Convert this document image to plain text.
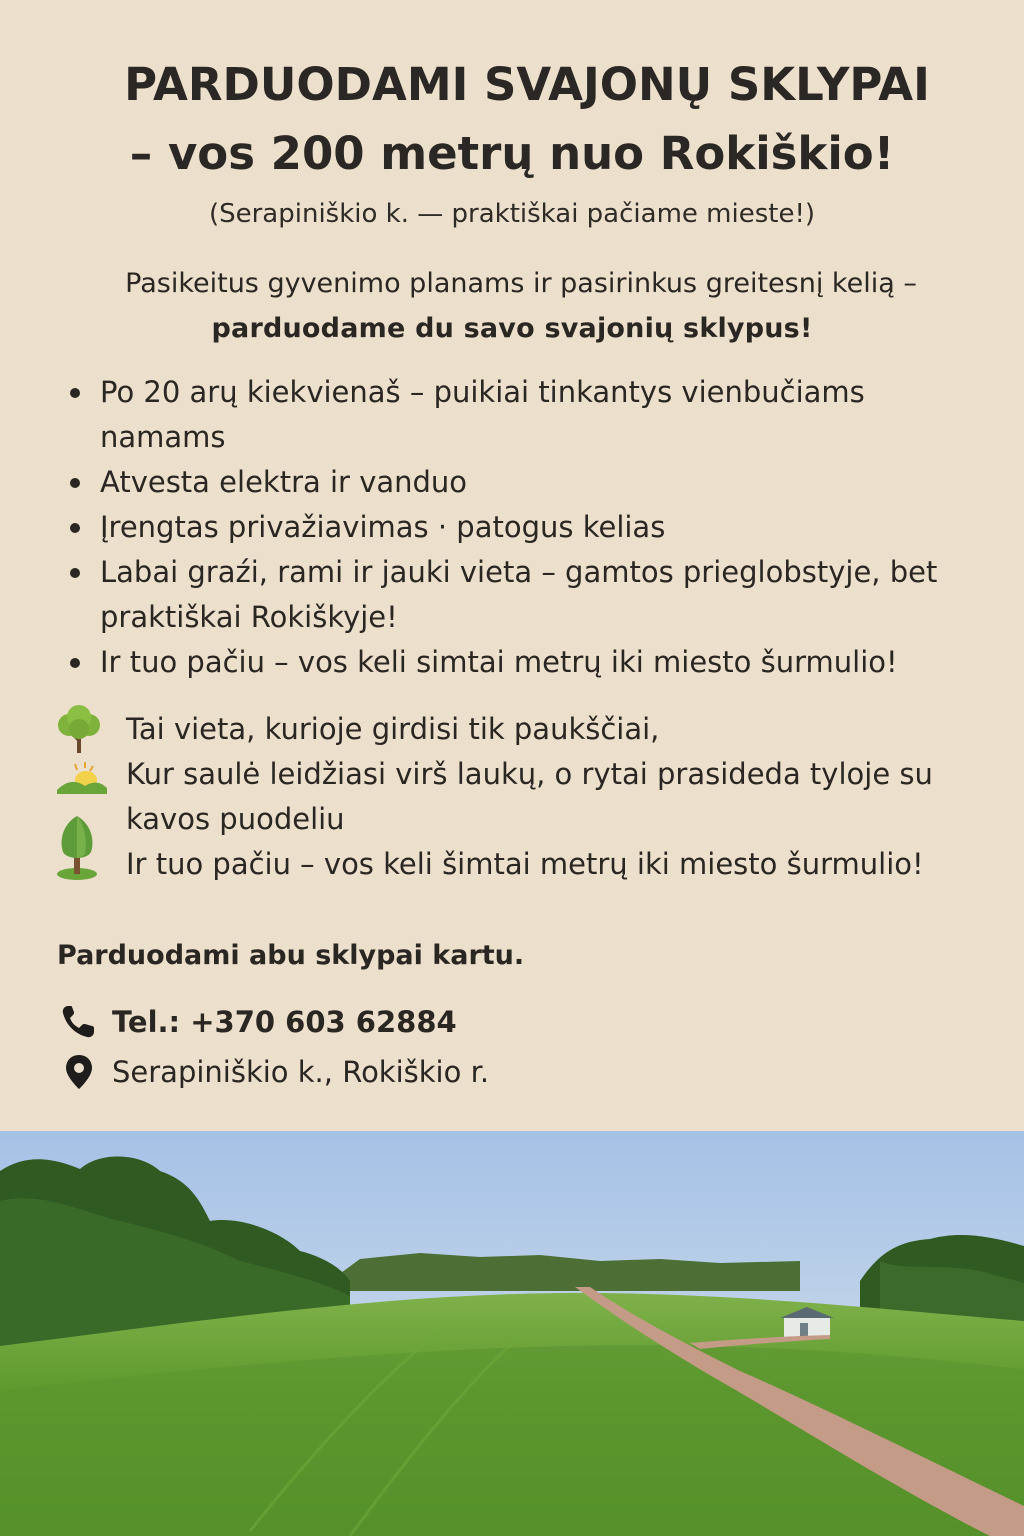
PARDUODAMI SVAJONŲ SKLYPAI
– vos 200 metrų nuo Rokiškio!
(Serapiniškio k. — praktiškai pačiame mieste!)
Pasikeitus gyvenimo planams ir pasirinkus greitesnį kelią –
parduodame du savo svajonių sklypus!
Po 20 arų kiekvienaš – puikiai tinkantys vienbučiams namams
Atvesta elektra ir vanduo
Įrengtas privažiavimas · patogus kelias
Labai graźi, rami ir jauki vieta – gamtos prieglobstyje, bet praktiškai Rokiškyje!
Ir tuo pačiu – vos keli simtai metrų iki miesto šurmulio!
Tai vieta, kurioje girdisi tik paukščiai,
Kur saulė leidžiasi virš laukų, o rytai prasideda tyloje su kavos puodeliu
Ir tuo pačiu – vos keli šimtai metrų iki miesto šurmulio!
Parduodami abu sklypai kartu.
Tel.: +370 603 62884
Serapiniškio k., Rokiškio r.
